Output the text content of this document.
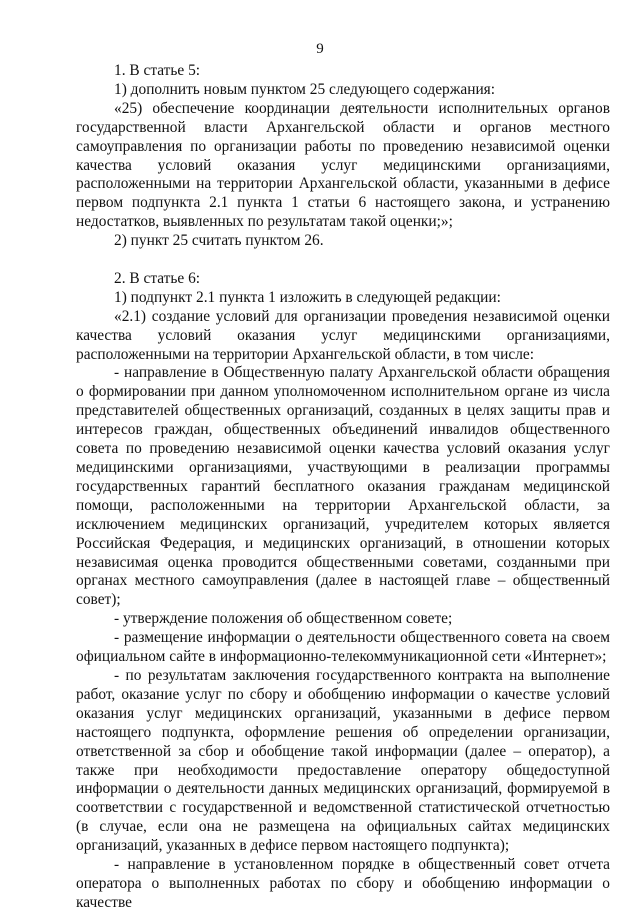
9

1. В статье 5:

1) дополнить новым пунктом 25 следующего содержания:

«25) обеспечение координации деятельности исполнительных органов государственной власти Архангельской области и органов местного самоуправления по организации работы по проведению независимой оценки качества условий оказания услуг медицинскими организациями, расположенными на территории Архангельской области, указанными в дефисе первом подпункта 2.1 пункта 1 статьи 6 настоящего закона, и устранению недостатков, выявленных по результатам такой оценки;»;

2) пункт 25 считать пунктом 26.

2. В статье 6:

1) подпункт 2.1 пункта 1 изложить в следующей редакции:

«2.1) создание условий для организации проведения независимой оценки качества условий оказания услуг медицинскими организациями, расположенными на территории Архангельской области, в том числе:

- направление в Общественную палату Архангельской области обращения о формировании при данном уполномоченном исполнительном органе из числа представителей общественных организаций, созданных в целях защиты прав и интересов граждан, общественных объединений инвалидов общественного совета по проведению независимой оценки качества условий оказания услуг медицинскими организациями, участвующими в реализации программы государственных гарантий бесплатного оказания гражданам медицинской помощи, расположенными на территории Архангельской области, за исключением медицинских организаций, учредителем которых является Российская Федерация, и медицинских организаций, в отношении которых независимая оценка проводится общественными советами, созданными при органах местного самоуправления (далее в настоящей главе – общественный совет);

- утверждение положения об общественном совете;

- размещение информации о деятельности общественного совета на своем официальном сайте в информационно-телекоммуникационной сети «Интернет»;

- по результатам заключения государственного контракта на выполнение работ, оказание услуг по сбору и обобщению информации о качестве условий оказания услуг медицинских организаций, указанными в дефисе первом настоящего подпункта, оформление решения об определении организации, ответственной за сбор и обобщение такой информации (далее – оператор), а также при необходимости предоставление оператору общедоступной информации о деятельности данных медицинских организаций, формируемой в соответствии с государственной и ведомственной статистической отчетностью (в случае, если она не размещена на официальных сайтах медицинских организаций, указанных в дефисе первом настоящего подпункта);

- направление в установленном порядке в общественный совет отчета оператора о выполненных работах по сбору и обобщению информации о качестве
